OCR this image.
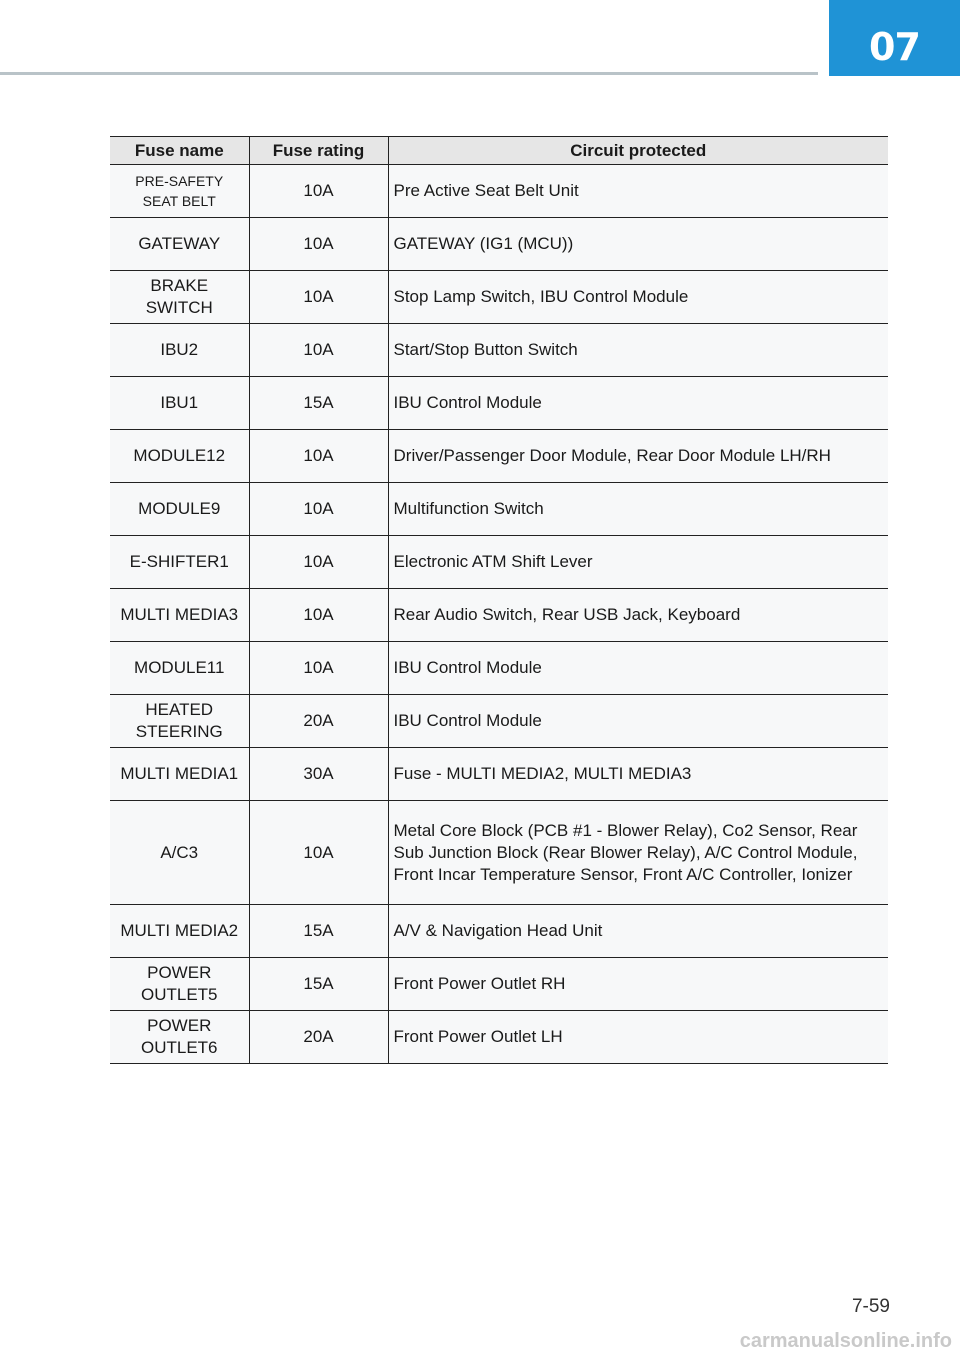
07
Fuse name	Fuse rating	Circuit protected
PRE-SAFETY
SEAT BELT	10A	Pre Active Seat Belt Unit
GATEWAY	10A	GATEWAY (IG1 (MCU))
BRAKE
SWITCH	10A	Stop Lamp Switch, IBU Control Module
IBU2	10A	Start/Stop Button Switch
IBU1	15A	IBU Control Module
MODULE12	10A	Driver/Passenger Door Module, Rear Door Module LH/RH
MODULE9	10A	Multifunction Switch
E-SHIFTER1	10A	Electronic ATM Shift Lever
MULTI MEDIA3	10A	Rear Audio Switch, Rear USB Jack, Keyboard
MODULE11	10A	IBU Control Module
HEATED
STEERING	20A	IBU Control Module
MULTI MEDIA1	30A	Fuse - MULTI MEDIA2, MULTI MEDIA3
A/C3	10A	Metal Core Block (PCB #1 - Blower Relay), Co2 Sensor, Rear Sub Junction Block (Rear Blower Relay), A/C Control Module, Front Incar Temperature Sensor, Front A/C Controller, Ionizer
MULTI MEDIA2	15A	A/V & Navigation Head Unit
POWER
OUTLET5	15A	Front Power Outlet RH
POWER
OUTLET6	20A	Front Power Outlet LH
7-59
carmanualsonline.info
